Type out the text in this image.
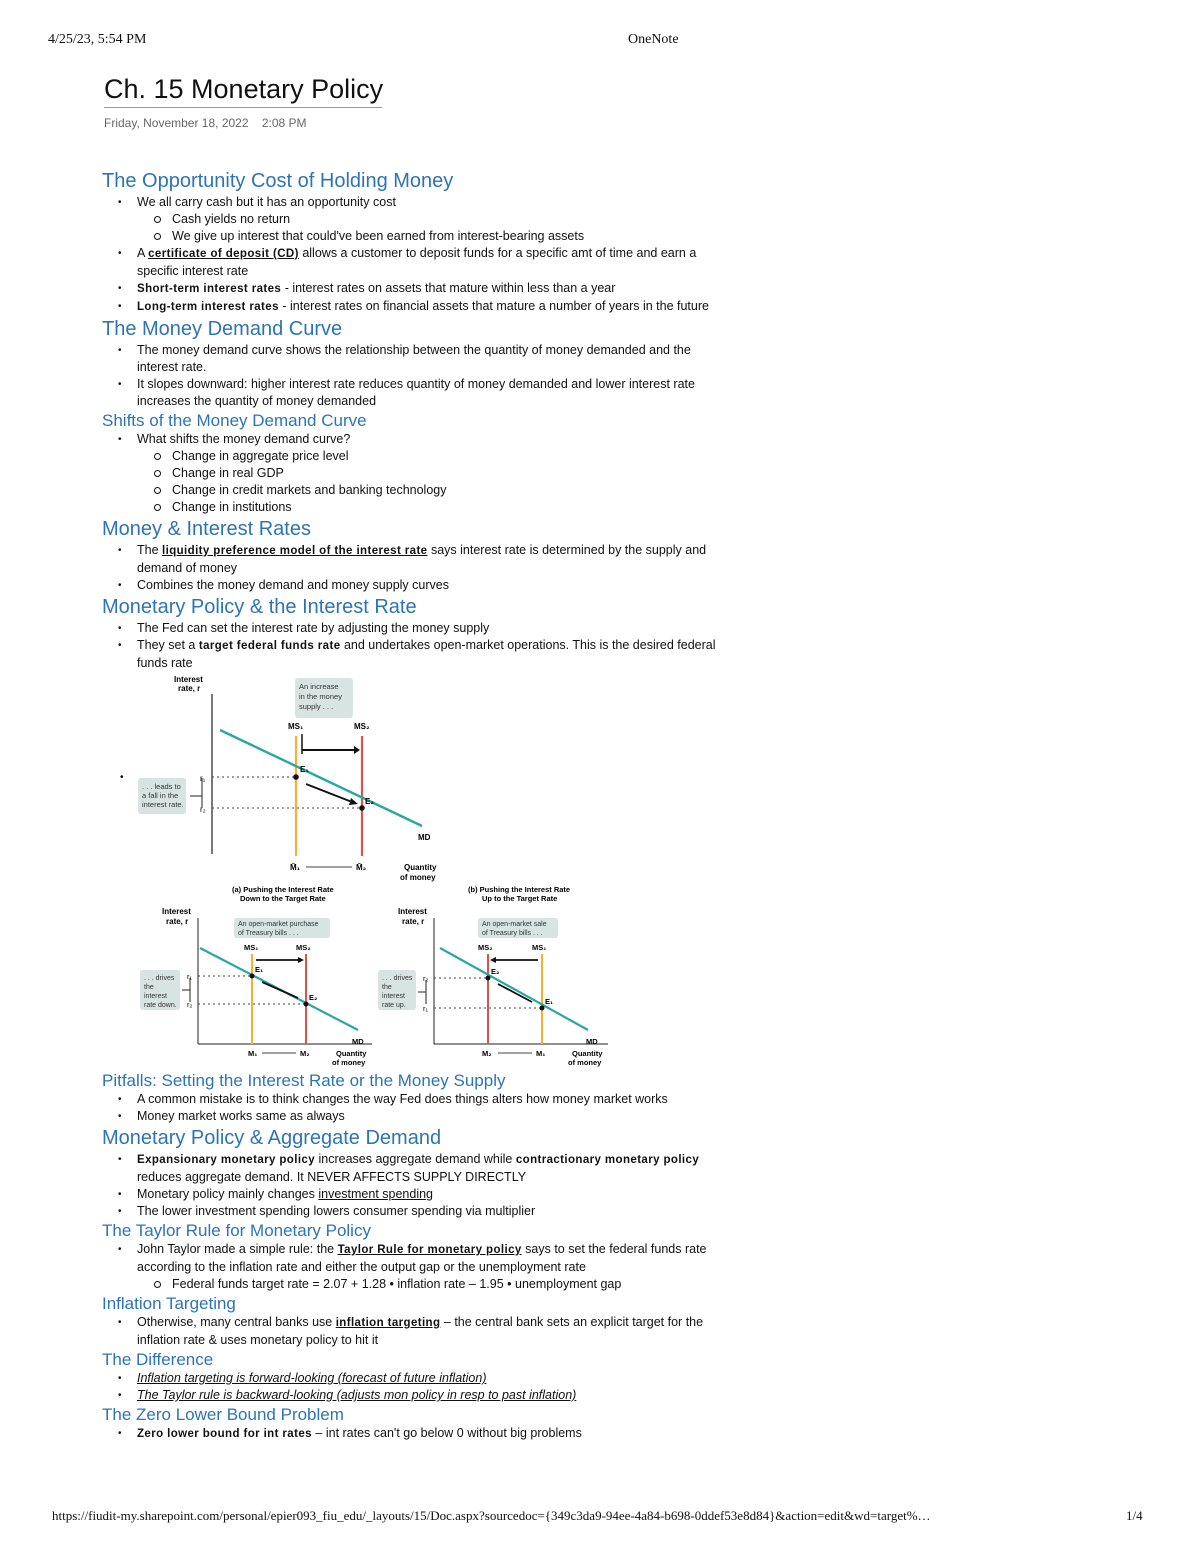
4/25/23, 5:54 PM	OneNote
Ch. 15 Monetary Policy
Friday, November 18, 2022 2:08 PM
The Opportunity Cost of Holding Money
• We all carry cash but it has an opportunity cost
Cash yields no return
We give up interest that could've been earned from interest-bearing assets
• A certificate of deposit (CD) allows a customer to deposit funds for a specific amt of time and earn a specific interest rate
• Short-term interest rates - interest rates on assets that mature within less than a year
• Long-term interest rates - interest rates on financial assets that mature a number of years in the future
The Money Demand Curve
• The money demand curve shows the relationship between the quantity of money demanded and the interest rate.
• It slopes downward: higher interest rate reduces quantity of money demanded and lower interest rate increases the quantity of money demanded
Shifts of the Money Demand Curve
• What shifts the money demand curve?
Change in aggregate price level
Change in real GDP
Change in credit markets and banking technology
Change in institutions
Money & Interest Rates
• The liquidity preference model of the interest rate says interest rate is determined by the supply and demand of money
• Combines the money demand and money supply curves
Monetary Policy & the Interest Rate
• The Fed can set the interest rate by adjusting the money supply
• They set a target federal funds rate and undertakes open-market operations. This is the desired federal funds rate
•
Interest
rate, r	An increase
in the money
supply . . .
MS₁	MS₂
MD
E₁
E₂
r₁
r₂
. . . leads to
a fall in the
interest rate.
M̄₁	M̄₂	Quantity
of money
(a) Pushing the Interest Rate
Down to the Target Rate
Interest
rate, r	An open-market purchase
of Treasury bills . . .
MS₁	MS₂
MD
E₁
E₂
r₁
r₂
. . . drives
the
interest
rate down.
M₁	M₂	Quantity
of money
(b) Pushing the Interest Rate
Up to the Target Rate
Interest
rate, r	An open-market sale
of Treasury bills . . .
MS₂	MS₁
MD
E₂
E₁
r₂
r₁
. . . drives
the
interest
rate up.
M₂	M₁	Quantity
of money
Pitfalls: Setting the Interest Rate or the Money Supply
• A common mistake is to think changes the way Fed does things alters how money market works
• Money market works same as always
Monetary Policy & Aggregate Demand
• Expansionary monetary policy increases aggregate demand while contractionary monetary policy reduces aggregate demand. It NEVER AFFECTS SUPPLY DIRECTLY
• Monetary policy mainly changes investment spending
• The lower investment spending lowers consumer spending via multiplier
The Taylor Rule for Monetary Policy
• John Taylor made a simple rule: the Taylor Rule for monetary policy says to set the federal funds rate according to the inflation rate and either the output gap or the unemployment rate
Federal funds target rate = 2.07 + 1.28 • inflation rate – 1.95 • unemployment gap
Inflation Targeting
• Otherwise, many central banks use inflation targeting – the central bank sets an explicit target for the inflation rate & uses monetary policy to hit it
The Difference
• Inflation targeting is forward-looking (forecast of future inflation)
• The Taylor rule is backward-looking (adjusts mon policy in resp to past inflation)
The Zero Lower Bound Problem
• Zero lower bound for int rates – int rates can't go below 0 without big problems
https://fiudit-my.sharepoint.com/personal/epier093_fiu_edu/_layouts/15/Doc.aspx?sourcedoc={349c3da9-94ee-4a84-b698-0ddef53e8d84}&action=edit&wd=target%…	1/4
